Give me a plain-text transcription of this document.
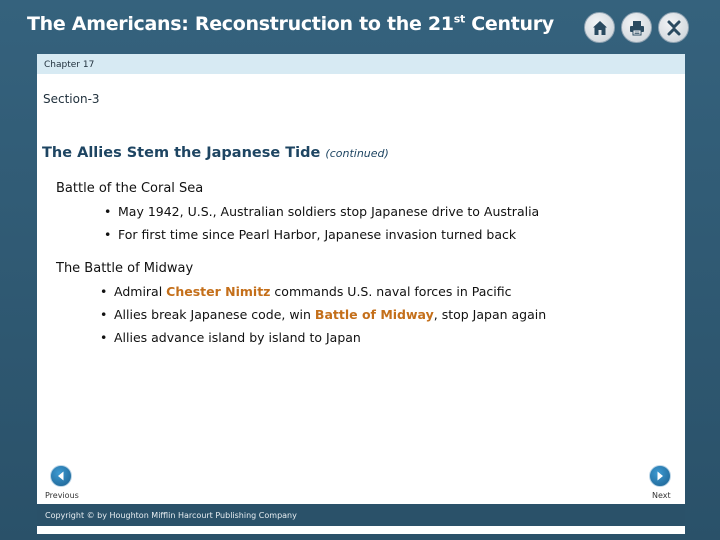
The Americans: Reconstruction to the 21st Century
Chapter 17
Section-3
The Allies Stem the Japanese Tide (continued)
Battle of the Coral Sea
• May 1942, U.S., Australian soldiers stop Japanese drive to Australia
• For first time since Pearl Harbor, Japanese invasion turned back
The Battle of Midway
• Admiral Chester Nimitz commands U.S. naval forces in Pacific
• Allies break Japanese code, win Battle of Midway, stop Japan again
• Allies advance island by island to Japan
Previous	Next
Copyright © by Houghton Mifflin Harcourt Publishing Company
